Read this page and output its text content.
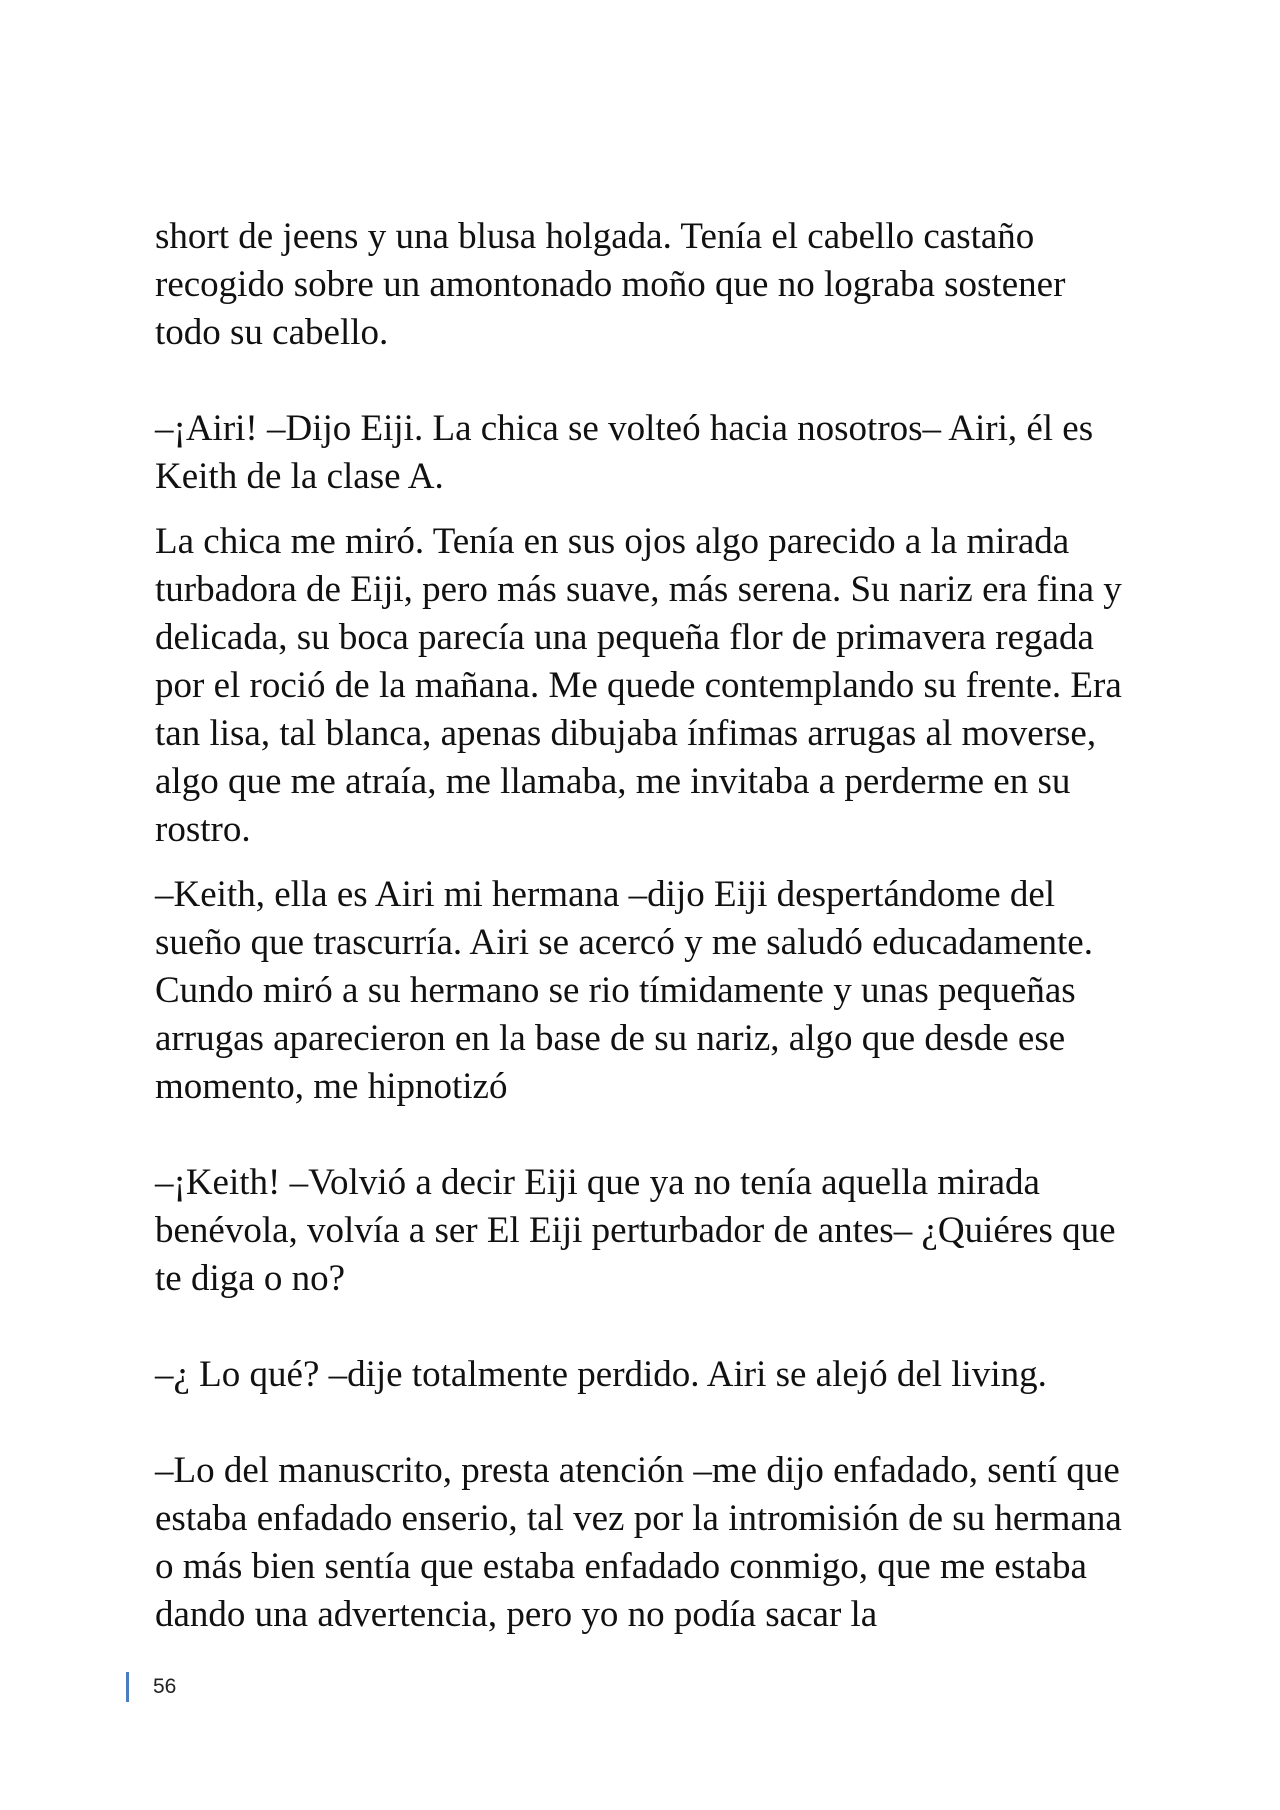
short de jeens y una blusa holgada. Tenía el cabello castaño recogido sobre un amontonado moño que no lograba sostener todo su cabello.

–¡Airi! –Dijo Eiji. La chica se volteó hacia nosotros– Airi, él es Keith de la clase A.

La chica me miró. Tenía en sus ojos algo parecido a la mirada turbadora de Eiji, pero más suave, más serena. Su nariz era fina y delicada, su boca parecía una pequeña flor de primavera regada por el roció de la mañana. Me quede contemplando su frente. Era tan lisa, tal blanca, apenas dibujaba ínfimas arrugas al moverse, algo que me atraía, me llamaba, me invitaba a perderme en su rostro.

–Keith, ella es Airi mi hermana –dijo Eiji despertándome del sueño que trascurría. Airi se acercó y me saludó educadamente. Cundo miró a su hermano se rio tímidamente y unas pequeñas arrugas aparecieron en la base de su nariz, algo que desde ese momento, me hipnotizó

–¡Keith! –Volvió a decir Eiji que ya no tenía aquella mirada benévola, volvía a ser El Eiji perturbador de antes– ¿Quiéres que te diga o no?

–¿ Lo qué? –dije totalmente perdido. Airi se alejó del living.

–Lo del manuscrito, presta atención –me dijo enfadado, sentí que estaba enfadado enserio, tal vez por la intromisión de su hermana o más bien sentía que estaba enfadado conmigo, que me estaba dando una advertencia, pero yo no podía sacar la

56
